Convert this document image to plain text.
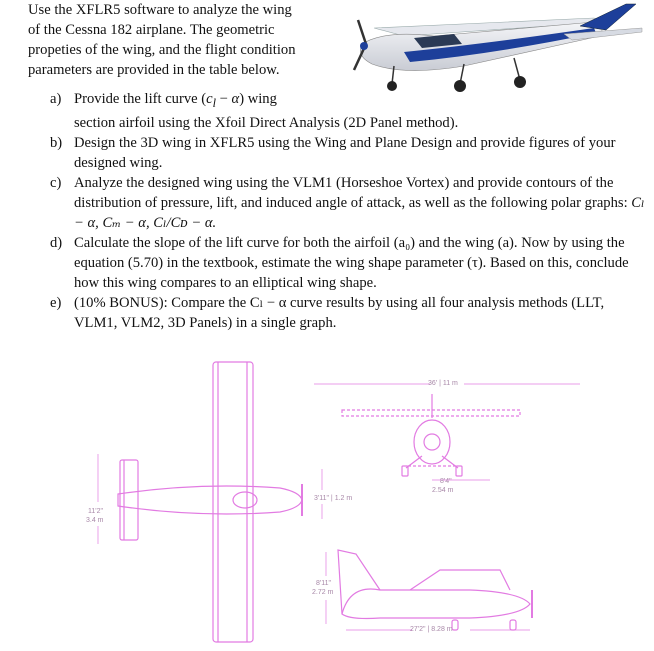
Use the XFLR5 software to analyze the wing
of the Cessna 182 airplane. The geometric
propeties of the wing, and the flight condition
parameters are provided in the table below.
a) Provide the lift curve $(c_l - \alpha)$ wing
section airfoil using the Xfoil Direct Analysis (2D Panel method).
b) Design the 3D wing in XFLR5 using the Wing and Plane Design and provide figures of your designed wing.
c) Analyze the designed wing using the VLM1 (Horseshoe Vortex) and provide contours of the distribution of pressure, lift, and induced angle of attack, as well as the following polar graphs: Cₗ − α, Cₘ − α, Cₗ/Cᴅ − α.
d) Calculate the slope of the lift curve for both the airfoil (a₀) and the wing (a). Now by using the equation (5.70) in the textbook, estimate the wing shape parameter (τ). Based on this, conclude how this wing compares to an elliptical wing shape.
e) (10% BONUS): Compare the Cₗ − α curve results by using all four analysis methods (LLT, VLM1, VLM2, 3D Panels) in a single graph.
36' | 11 m
8'4"
2.54 m
3'11" | 1.2 m
11'2"
3.4 m
8'11"
2.72 m
27'2" | 8.28 m
